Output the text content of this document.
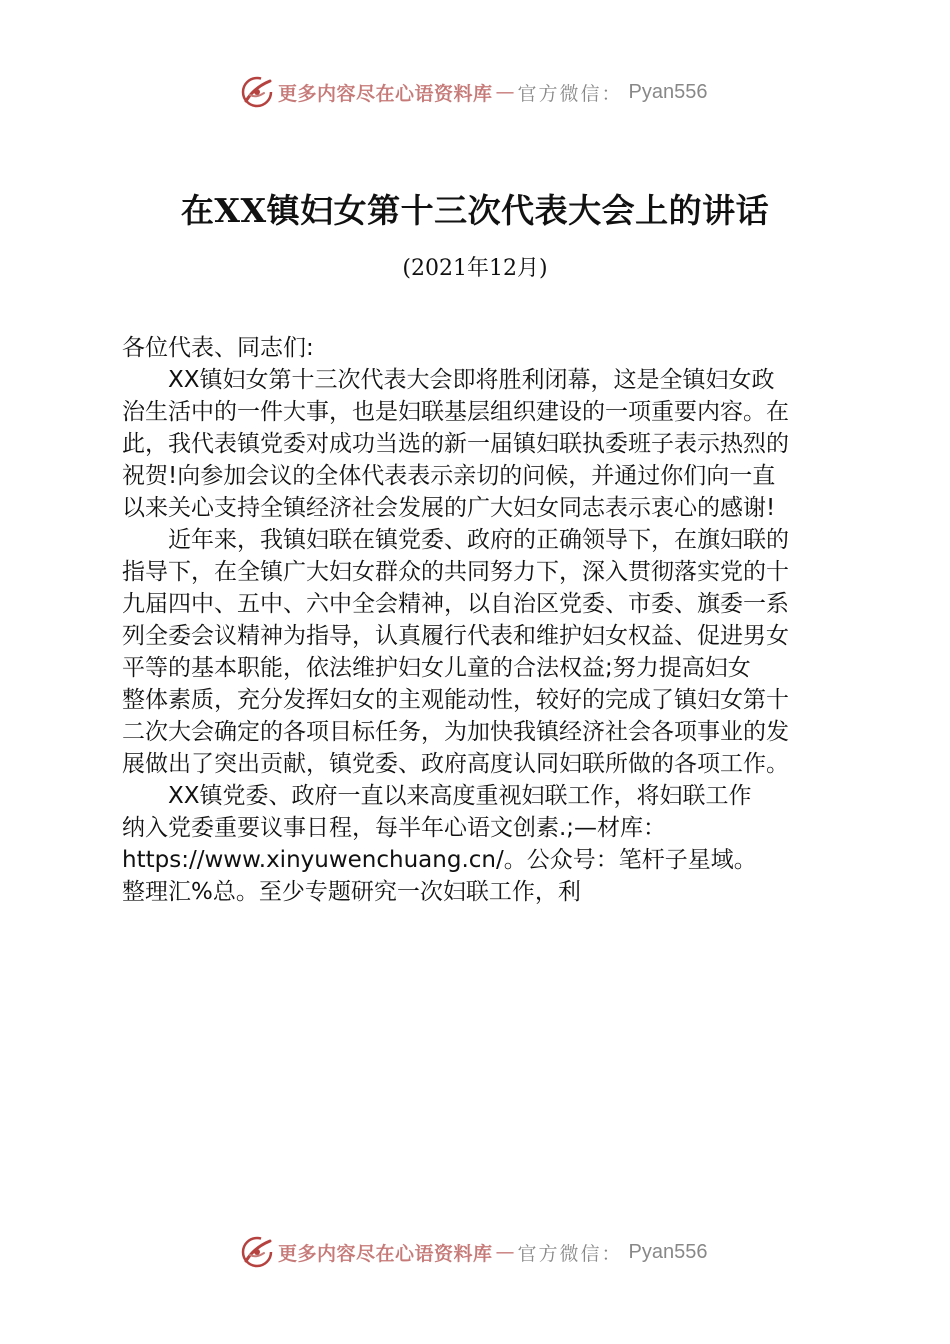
更多内容尽在心语资料库 — 官方微信： Pyan556
在XX镇妇女第十三次代表大会上的讲话
(2021年12月)

各位代表、同志们:

XX镇妇女第十三次代表大会即将胜利闭幕，这是全镇妇女政
治生活中的一件大事，也是妇联基层组织建设的一项重要内容。在
此，我代表镇党委对成功当选的新一届镇妇联执委班子表示热烈的
祝贺!向参加会议的全体代表表示亲切的问候，并通过你们向一直
以来关心支持全镇经济社会发展的广大妇女同志表示衷心的感谢!

近年来，我镇妇联在镇党委、政府的正确领导下，在旗妇联的
指导下，在全镇广大妇女群众的共同努力下，深入贯彻落实党的十
九届四中、五中、六中全会精神，以自治区党委、市委、旗委一系
列全委会议精神为指导，认真履行代表和维护妇女权益、促进男女
平等的基本职能，依法维护妇女儿童的合法权益;努力提高妇女
整体素质，充分发挥妇女的主观能动性，较好的完成了镇妇女第十
二次大会确定的各项目标任务，为加快我镇经济社会各项事业的发
展做出了突出贡献，镇党委、政府高度认同妇联所做的各项工作。

XX镇党委、政府一直以来高度重视妇联工作，将妇联工作
纳入党委重要议事日程，每半年心语文创素.;—材库：
https://www.xinyuwenchuang.cn/。公众号：笔杆子星域。
整理汇%总。至少专题研究一次妇联工作，利

更多内容尽在心语资料库 — 官方微信： Pyan556
